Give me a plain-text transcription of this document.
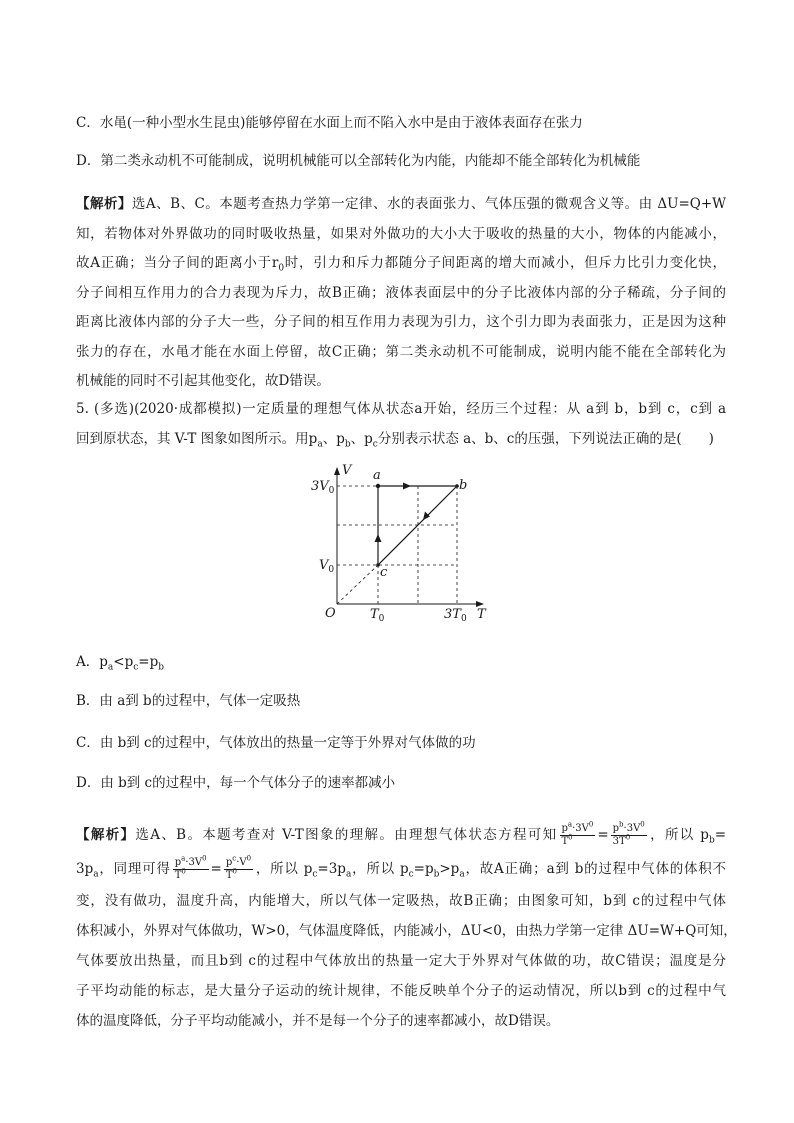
C．水黾(一种小型水生昆虫)能够停留在水面上而不陷入水中是由于液体表面存在张力
D．第二类永动机不可能制成，说明机械能可以全部转化为内能，内能却不能全部转化为机械能
【解析】选A、B、C。本题考查热力学第一定律、水的表面张力、气体压强的微观含义等。由 ΔU=Q+W
知，若物体对外界做功的同时吸收热量，如果对外做功的大小大于吸收的热量的大小，物体的内能减小，
故A正确；当分子间的距离小于$r_0$时，引力和斥力都随分子间距离的增大而减小，但斥力比引力变化快，
分子间相互作用力的合力表现为斥力，故B正确；液体表面层中的分子比液体内部的分子稀疏，分子间的
距离比液体内部的分子大一些，分子间的相互作用力表现为引力，这个引力即为表面张力，正是因为这种
张力的存在，水黾才能在水面上停留，故C正确；第二类永动机不可能制成，说明内能不能在全部转化为
机械能的同时不引起其他变化，故D错误。
5. (多选)(2020·成都模拟)一定质量的理想气体从状态a开始，经历三个过程：从 a到 b，b到 c，c到 a
回到原状态，其 V-T 图象如图所示。用$p_a$、$p_b$、$p_c$分别表示状态 a、b、c的压强，下列说法正确的是(　　)
V
T
O
$3V_0$
$V_0$
$T_0$	$3T_0$
a
b
c
A．$p_a<p_c=p_b$
B．由 a到 b的过程中，气体一定吸热
C．由 b到 c的过程中，气体放出的热量一定等于外界对气体做的功
D．由 b到 c的过程中，每一个气体分子的速率都减小
【解析】选A、B。本题考查对 V-T图象的理解。由理想气体状态方程可知 $\frac{p^a\cdot 3V^0}{T^0} = \frac{p^b\cdot 3V^0}{3T^0}$ ，所以 $p_b=$
$3p_a$，同理可得 $\frac{p^a\cdot 3V^0}{T^0} = \frac{p^c\cdot V^0}{T^0}$ ，所以 $p_c=3p_a$，所以 $p_c=p_b>p_a$，故A正确；a到 b的过程中气体的体积不
变，没有做功，温度升高，内能增大，所以气体一定吸热，故B正确；由图象可知，b到 c的过程中气体
体积减小，外界对气体做功，W>0，气体温度降低，内能减小，ΔU<0，由热力学第一定律 ΔU=W+Q可知，
气体要放出热量，而且b到 c的过程中气体放出的热量一定大于外界对气体做的功，故C错误；温度是分
子平均动能的标志，是大量分子运动的统计规律，不能反映单个分子的运动情况，所以b到 c的过程中气
体的温度降低，分子平均动能减小，并不是每一个分子的速率都减小，故D错误。
